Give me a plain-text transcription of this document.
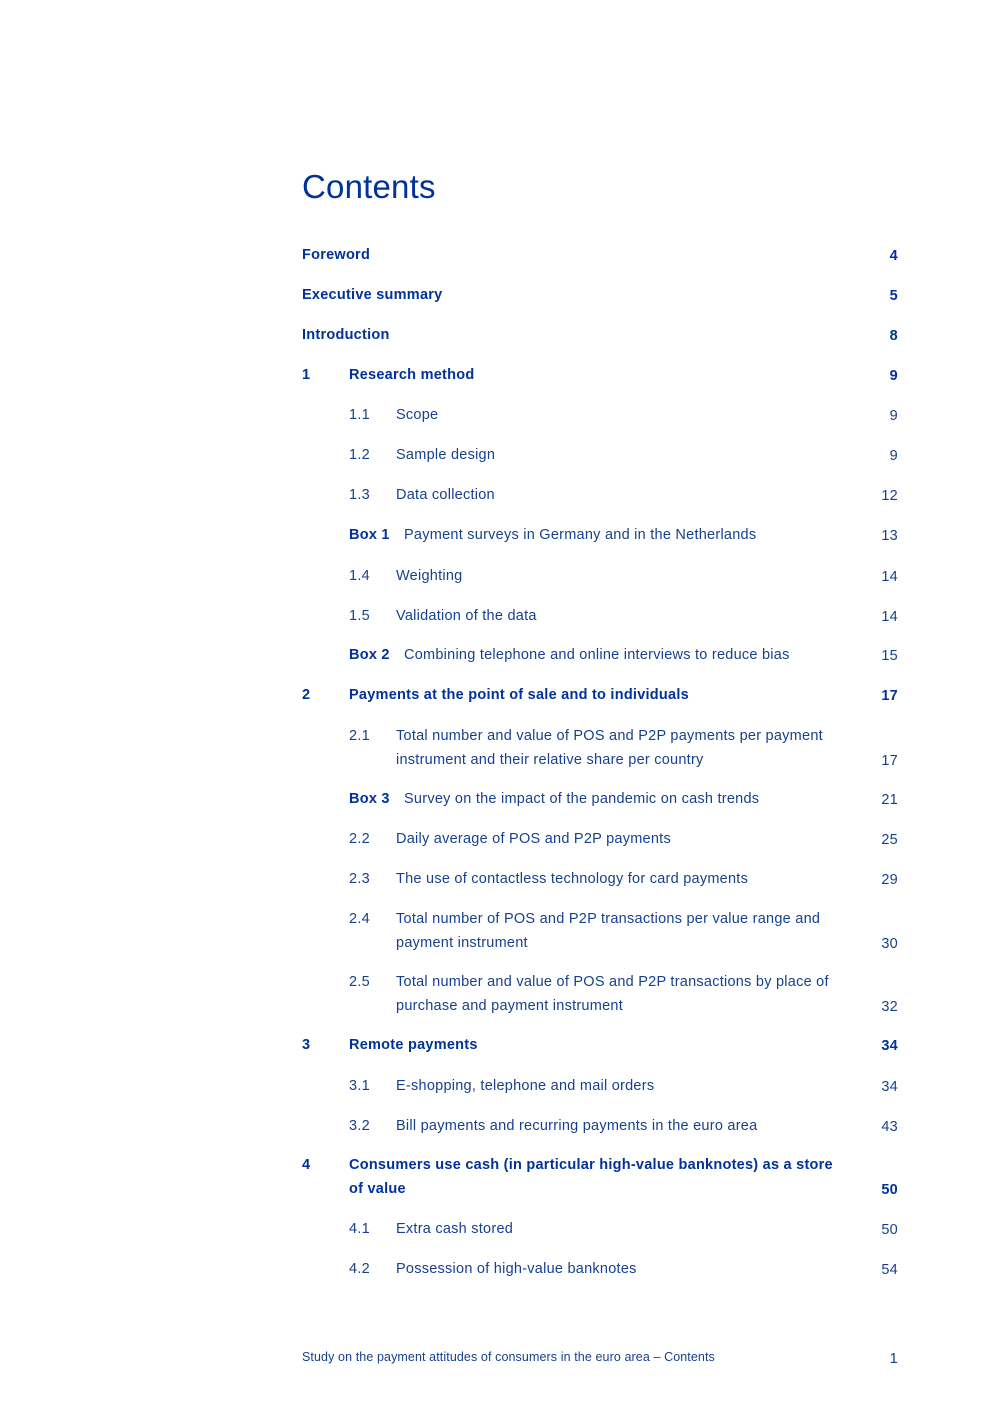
Contents
Foreword	4
Executive summary	5
Introduction	8
1	Research method	9
1.1 Scope	9
1.2 Sample design	9
1.3 Data collection	12
Box 1 Payment surveys in Germany and in the Netherlands	13
1.4 Weighting	14
1.5 Validation of the data	14
Box 2 Combining telephone and online interviews to reduce bias	15
2	Payments at the point of sale and to individuals	17
2.1 Total number and value of POS and P2P payments per payment instrument and their relative share per country	17
Box 3 Survey on the impact of the pandemic on cash trends	21
2.2 Daily average of POS and P2P payments	25
2.3 The use of contactless technology for card payments	29
2.4 Total number of POS and P2P transactions per value range and payment instrument	30
2.5 Total number and value of POS and P2P transactions by place of purchase and payment instrument	32
3	Remote payments	34
3.1 E-shopping, telephone and mail orders	34
3.2 Bill payments and recurring payments in the euro area	43
4	Consumers use cash (in particular high-value banknotes) as a store of value	50
4.1 Extra cash stored	50
4.2 Possession of high-value banknotes	54
Study on the payment attitudes of consumers in the euro area – Contents	1
